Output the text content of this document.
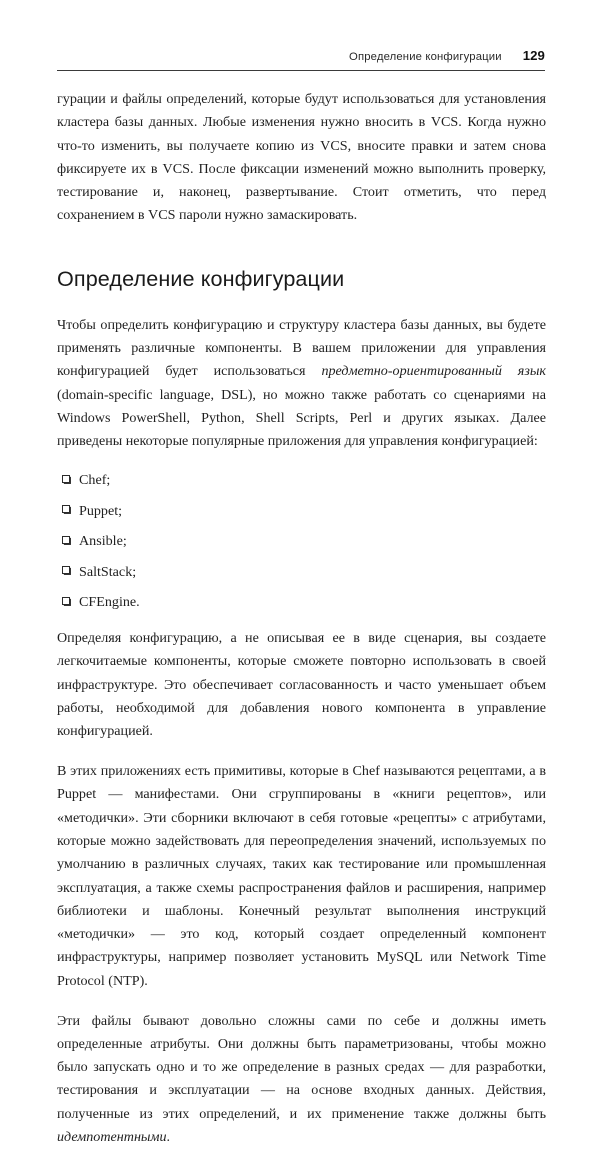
Определение конфигурации 129

гурации и файлы определений, которые будут использоваться для установления кластера базы данных. Любые изменения нужно вносить в VCS. Когда нужно что-то изменить, вы получаете копию из VCS, вносите правки и затем снова фиксируете их в VCS. После фиксации изменений можно выполнить проверку, тестирование и, наконец, развертывание. Стоит отметить, что перед сохранением в VCS пароли нужно замаскировать.

Определение конфигурации

Чтобы определить конфигурацию и структуру кластера базы данных, вы будете применять различные компоненты. В вашем приложении для управления конфигурацией будет использоваться предметно-ориентированный язык (domain-specific language, DSL), но можно также работать со сценариями на Windows PowerShell, Python, Shell Scripts, Perl и других языках. Далее приведены некоторые популярные приложения для управления конфигурацией:

Chef;
Puppet;
Ansible;
SaltStack;
CFEngine.

Определяя конфигурацию, а не описывая ее в виде сценария, вы создаете легкочитаемые компоненты, которые сможете повторно использовать в своей инфраструктуре. Это обеспечивает согласованность и часто уменьшает объем работы, необходимой для добавления нового компонента в управление конфигурацией.

В этих приложениях есть примитивы, которые в Chef называются рецептами, а в Puppet — манифестами. Они сгруппированы в «книги рецептов», или «методички». Эти сборники включают в себя готовые «рецепты» с атрибутами, которые можно задействовать для переопределения значений, используемых по умолчанию в различных случаях, таких как тестирование или промышленная эксплуатация, а также схемы распространения файлов и расширения, например библиотеки и шаблоны. Конечный результат выполнения инструкций «методички» — это код, который создает определенный компонент инфраструктуры, например позволяет установить MySQL или Network Time Protocol (NTP).

Эти файлы бывают довольно сложны сами по себе и должны иметь определенные атрибуты. Они должны быть параметризованы, чтобы можно было запускать одно и то же определение в разных средах — для разработки, тестирования и эксплуатации — на основе входных данных. Действия, полученные из этих определений, и их применение также должны быть идемпотентными.
